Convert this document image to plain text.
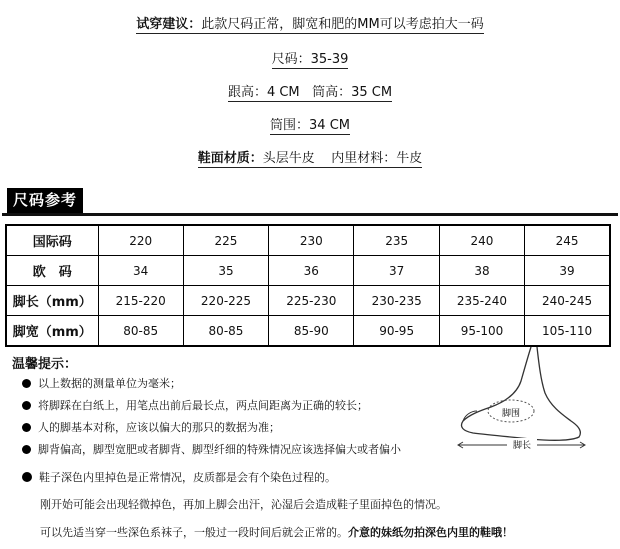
试穿建议：此款尺码正常，脚宽和肥的MM可以考虑拍大一码
尺码：35-39
跟高：4 CM 筒高：35 CM
筒围：34 CM
鞋面材质：头层牛皮 内里材料：牛皮
尺码参考
国际码	220	225	230	235	240	245
欧　码	34	35	36	37	38	39
脚长（mm）	215-220	220-225	225-230	230-235	235-240	240-245
脚宽（mm）	80-85	80-85	85-90	90-95	95-100	105-110
温馨提示：
以上数据的测量单位为毫米；
将脚踩在白纸上，用笔点出前后最长点，两点间距离为正确的较长；
人的脚基本对称，应该以偏大的那只的数据为准；
脚背偏高，脚型宽肥或者脚背、脚型纤细的特殊情况应该选择偏大或者偏小
鞋子深色内里掉色是正常情况，皮质都是会有个染色过程的。
刚开始可能会出现轻微掉色，再加上脚会出汗，沁湿后会造成鞋子里面掉色的情况。
可以先适当穿一些深色系袜子，一般过一段时间后就会正常的。介意的妹纸勿拍深色内里的鞋哦！
脚围
脚长
